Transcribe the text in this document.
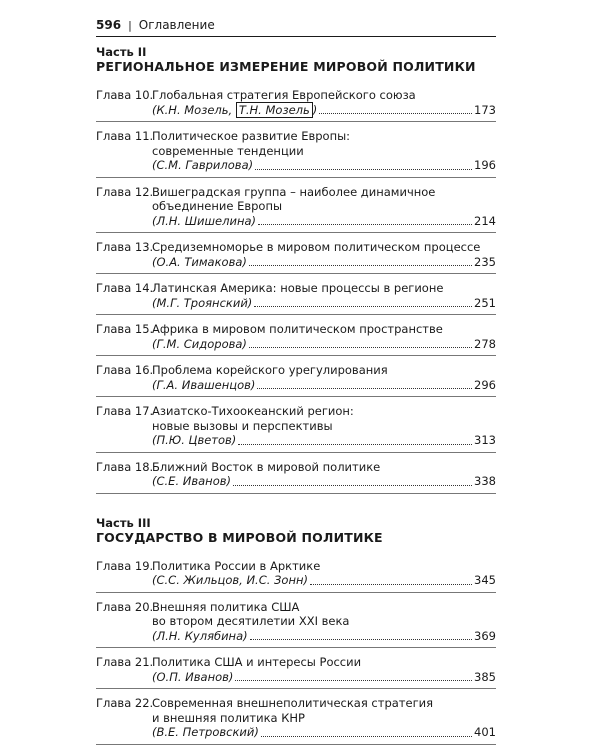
596 | Оглавление
Часть II
РЕГИОНАЛЬНОЕ ИЗМЕРЕНИЕ МИРОВОЙ ПОЛИТИКИ
Глава 10.
Глобальная стратегия Европейского союза
(К.Н. Мозель, Т.Н. Мозель )	173
Глава 11.
Политическое развитие Европы:
современные тенденции
(С.М. Гаврилова)	196
Глава 12.
Вишеградская группа – наиболее динамичное
объединение Европы
(Л.Н. Шишелина)	214
Глава 13.
Средиземноморье в мировом политическом процессе
(О.А. Тимакова)	235
Глава 14.
Латинская Америка: новые процессы в регионе
(М.Г. Троянский)	251
Глава 15.
Африка в мировом политическом пространстве
(Г.М. Сидорова)	278
Глава 16.
Проблема корейского урегулирования
(Г.А. Ивашенцов)	296
Глава 17.
Азиатско-Тихоокеанский регион:
новые вызовы и перспективы
(П.Ю. Цветов)	313
Глава 18.
Ближний Восток в мировой политике
(С.Е. Иванов)	338
Часть III
ГОСУДАРСТВО В МИРОВОЙ ПОЛИТИКЕ
Глава 19.
Политика России в Арктике
(С.С. Жильцов, И.С. Зонн)	345
Глава 20.
Внешняя политика США
во втором десятилетии XXI века
(Л.Н. Кулябина)	369
Глава 21.
Политика США и интересы России
(О.П. Иванов)	385
Глава 22.
Современная внешнеполитическая стратегия
и внешняя политика КНР
(В.Е. Петровский)	401
